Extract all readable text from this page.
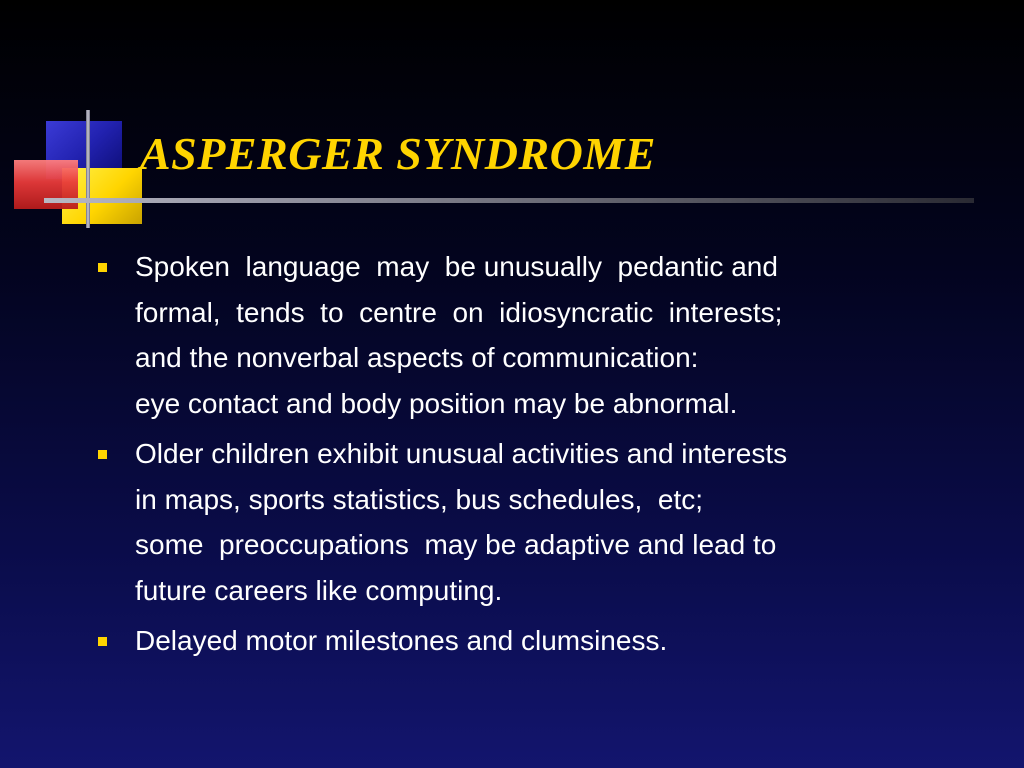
ASPERGER SYNDROME
Spoken  language  may  be unusually  pedantic and
formal,  tends  to  centre  on  idiosyncratic  interests;
and the nonverbal aspects of communication:
eye contact and body position may be abnormal.
Older children exhibit unusual activities and interests
in maps, sports statistics, bus schedules,  etc;
some  preoccupations  may be adaptive and lead to
future careers like computing.
Delayed motor milestones and clumsiness.
